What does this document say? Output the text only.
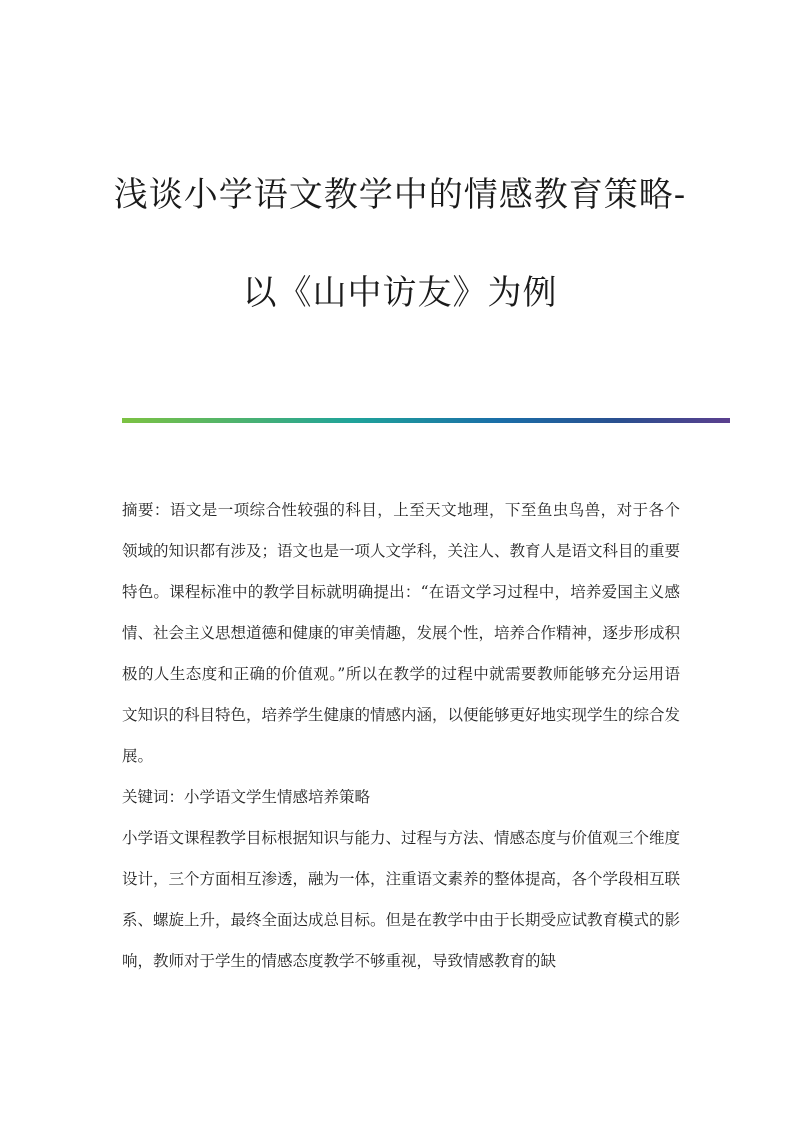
浅谈小学语文教学中的情感教育策略-

以《山中访友》为例

摘要：语文是一项综合性较强的科目，上至天文地理，下至鱼虫鸟兽，对于各个领域的知识都有涉及；语文也是一项人文学科，关注人、教育人是语文科目的重要特色。课程标准中的教学目标就明确提出：“在语文学习过程中，培养爱国主义感情、社会主义思想道德和健康的审美情趣，发展个性，培养合作精神，逐步形成积极的人生态度和正确的价值观。”所以在教学的过程中就需要教师能够充分运用语文知识的科目特色，培养学生健康的情感内涵，以便能够更好地实现学生的综合发展。

关键词：小学语文学生情感培养策略

小学语文课程教学目标根据知识与能力、过程与方法、情感态度与价值观三个维度设计，三个方面相互渗透，融为一体，注重语文素养的整体提高，各个学段相互联系、螺旋上升，最终全面达成总目标。但是在教学中由于长期受应试教育模式的影响，教师对于学生的情感态度教学不够重视，导致情感教育的缺
